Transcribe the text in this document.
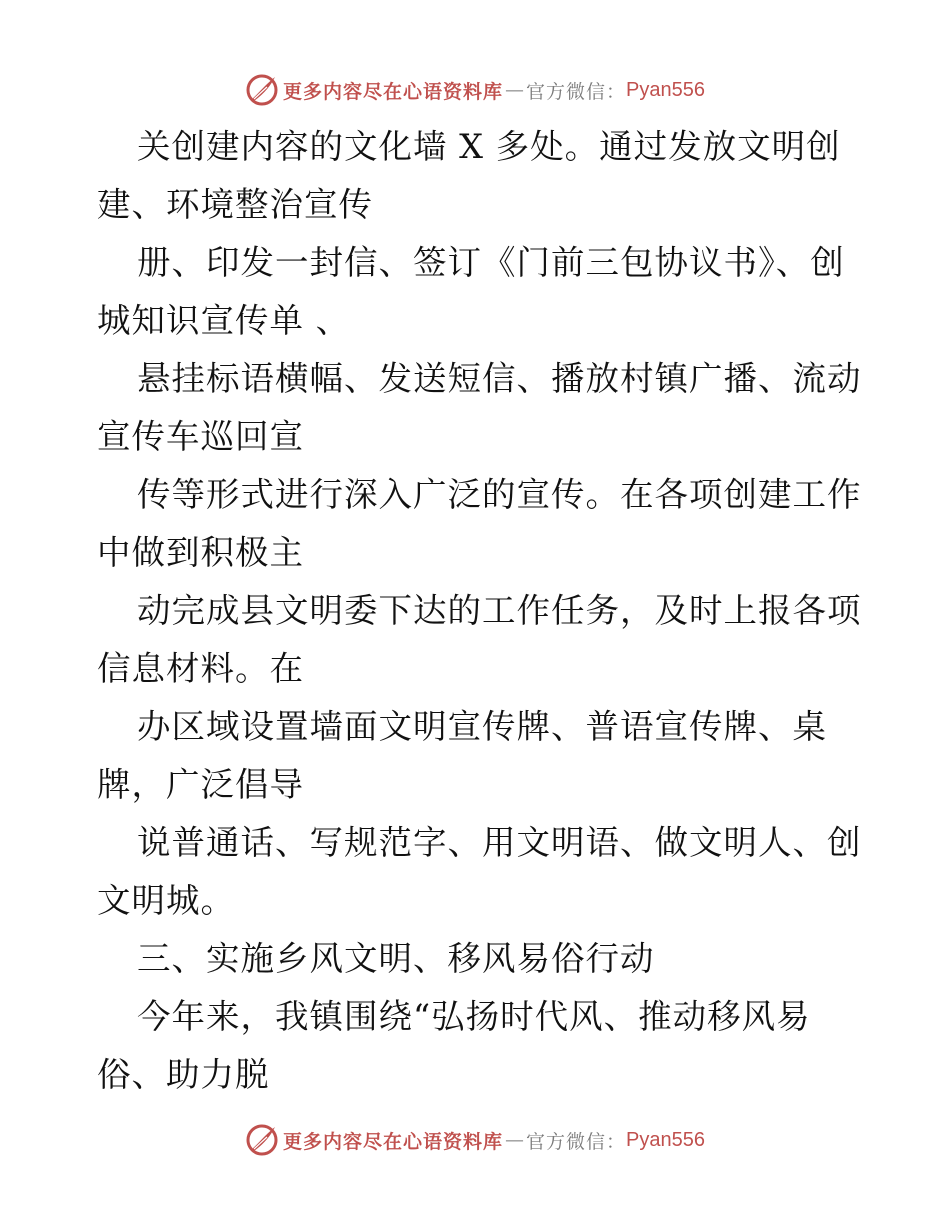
更多内容尽在心语资料库 — 官方微信： Pyan556
关创建内容的文化墙 X 多处。通过发放文明创
建、环境整治宣传
册、印发一封信、签订《门前三包协议书》、创
城知识宣传单 、
悬挂标语横幅、发送短信、播放村镇广播、流动
宣传车巡回宣
传等形式进行深入广泛的宣传。在各项创建工作
中做到积极主
动完成县文明委下达的工作任务，及时上报各项
信息材料。在
办区域设置墙面文明宣传牌、普语宣传牌、桌
牌，广泛倡导
说普通话、写规范字、用文明语、做文明人、创
文明城。
三、实施乡风文明、移风易俗行动
今年来，我镇围绕“弘扬时代风、推动移风易
俗、助力脱
更多内容尽在心语资料库 — 官方微信： Pyan556
